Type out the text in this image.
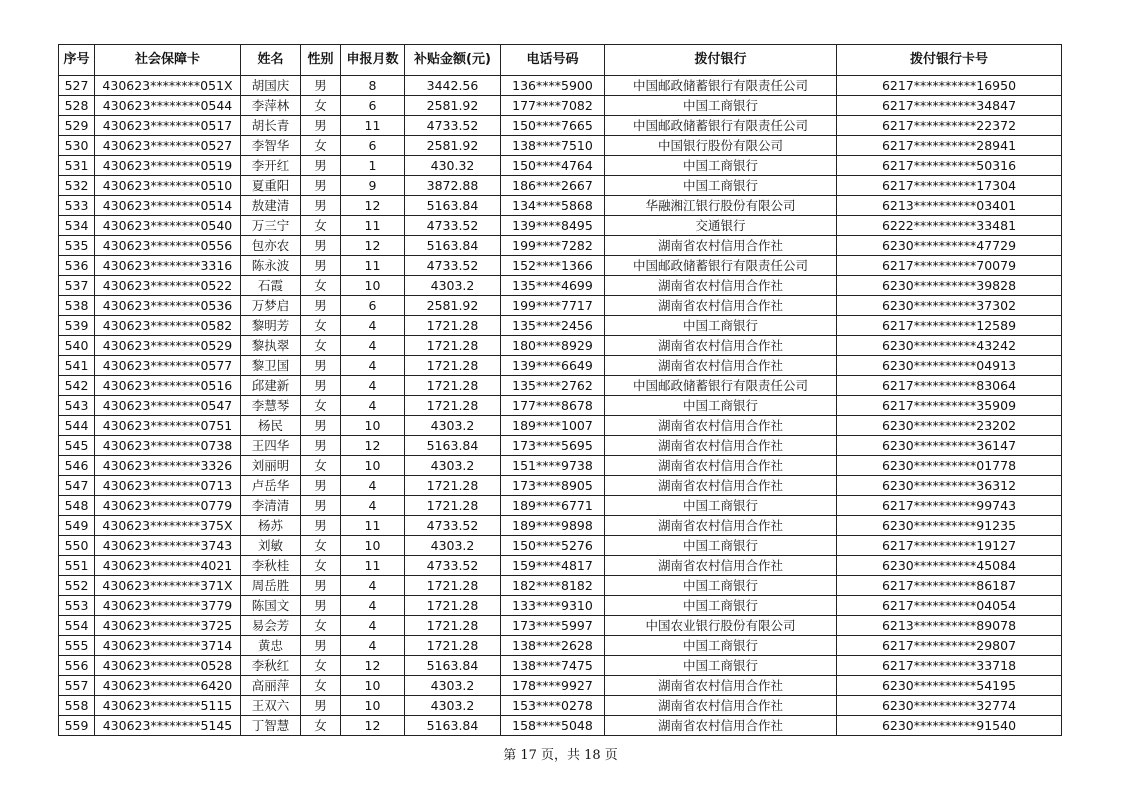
序号	社会保障卡	姓名	性别	申报月数	补贴金额(元)	电话号码	拨付银行	拨付银行卡号
527	430623********051X	胡国庆	男	8	3442.56	136****5900	中国邮政储蓄银行有限责任公司	6217**********16950
528	430623********0544	李萍林	女	6	2581.92	177****7082	中国工商银行	6217**********34847
529	430623********0517	胡长青	男	11	4733.52	150****7665	中国邮政储蓄银行有限责任公司	6217**********22372
530	430623********0527	李智华	女	6	2581.92	138****7510	中国银行股份有限公司	6217**********28941
531	430623********0519	李开红	男	1	430.32	150****4764	中国工商银行	6217**********50316
532	430623********0510	夏重阳	男	9	3872.88	186****2667	中国工商银行	6217**********17304
533	430623********0514	敖建清	男	12	5163.84	134****5868	华融湘江银行股份有限公司	6213**********03401
534	430623********0540	万三宁	女	11	4733.52	139****8495	交通银行	6222**********33481
535	430623********0556	包亦农	男	12	5163.84	199****7282	湖南省农村信用合作社	6230**********47729
536	430623********3316	陈永波	男	11	4733.52	152****1366	中国邮政储蓄银行有限责任公司	6217**********70079
537	430623********0522	石霞	女	10	4303.2	135****4699	湖南省农村信用合作社	6230**********39828
538	430623********0536	万梦启	男	6	2581.92	199****7717	湖南省农村信用合作社	6230**********37302
539	430623********0582	黎明芳	女	4	1721.28	135****2456	中国工商银行	6217**********12589
540	430623********0529	黎执翠	女	4	1721.28	180****8929	湖南省农村信用合作社	6230**********43242
541	430623********0577	黎卫国	男	4	1721.28	139****6649	湖南省农村信用合作社	6230**********04913
542	430623********0516	邱建新	男	4	1721.28	135****2762	中国邮政储蓄银行有限责任公司	6217**********83064
543	430623********0547	李慧琴	女	4	1721.28	177****8678	中国工商银行	6217**********35909
544	430623********0751	杨民	男	10	4303.2	189****1007	湖南省农村信用合作社	6230**********23202
545	430623********0738	王四华	男	12	5163.84	173****5695	湖南省农村信用合作社	6230**********36147
546	430623********3326	刘丽明	女	10	4303.2	151****9738	湖南省农村信用合作社	6230**********01778
547	430623********0713	卢岳华	男	4	1721.28	173****8905	湖南省农村信用合作社	6230**********36312
548	430623********0779	李清清	男	4	1721.28	189****6771	中国工商银行	6217**********99743
549	430623********375X	杨苏	男	11	4733.52	189****9898	湖南省农村信用合作社	6230**********91235
550	430623********3743	刘敏	女	10	4303.2	150****5276	中国工商银行	6217**********19127
551	430623********4021	李秋桂	女	11	4733.52	159****4817	湖南省农村信用合作社	6230**********45084
552	430623********371X	周岳胜	男	4	1721.28	182****8182	中国工商银行	6217**********86187
553	430623********3779	陈国文	男	4	1721.28	133****9310	中国工商银行	6217**********04054
554	430623********3725	易会芳	女	4	1721.28	173****5997	中国农业银行股份有限公司	6213**********89078
555	430623********3714	黄忠	男	4	1721.28	138****2628	中国工商银行	6217**********29807
556	430623********0528	李秋红	女	12	5163.84	138****7475	中国工商银行	6217**********33718
557	430623********6420	高丽萍	女	10	4303.2	178****9927	湖南省农村信用合作社	6230**********54195
558	430623********5115	王双六	男	10	4303.2	153****0278	湖南省农村信用合作社	6230**********32774
559	430623********5145	丁智慧	女	12	5163.84	158****5048	湖南省农村信用合作社	6230**********91540
第 17 页，共 18 页
